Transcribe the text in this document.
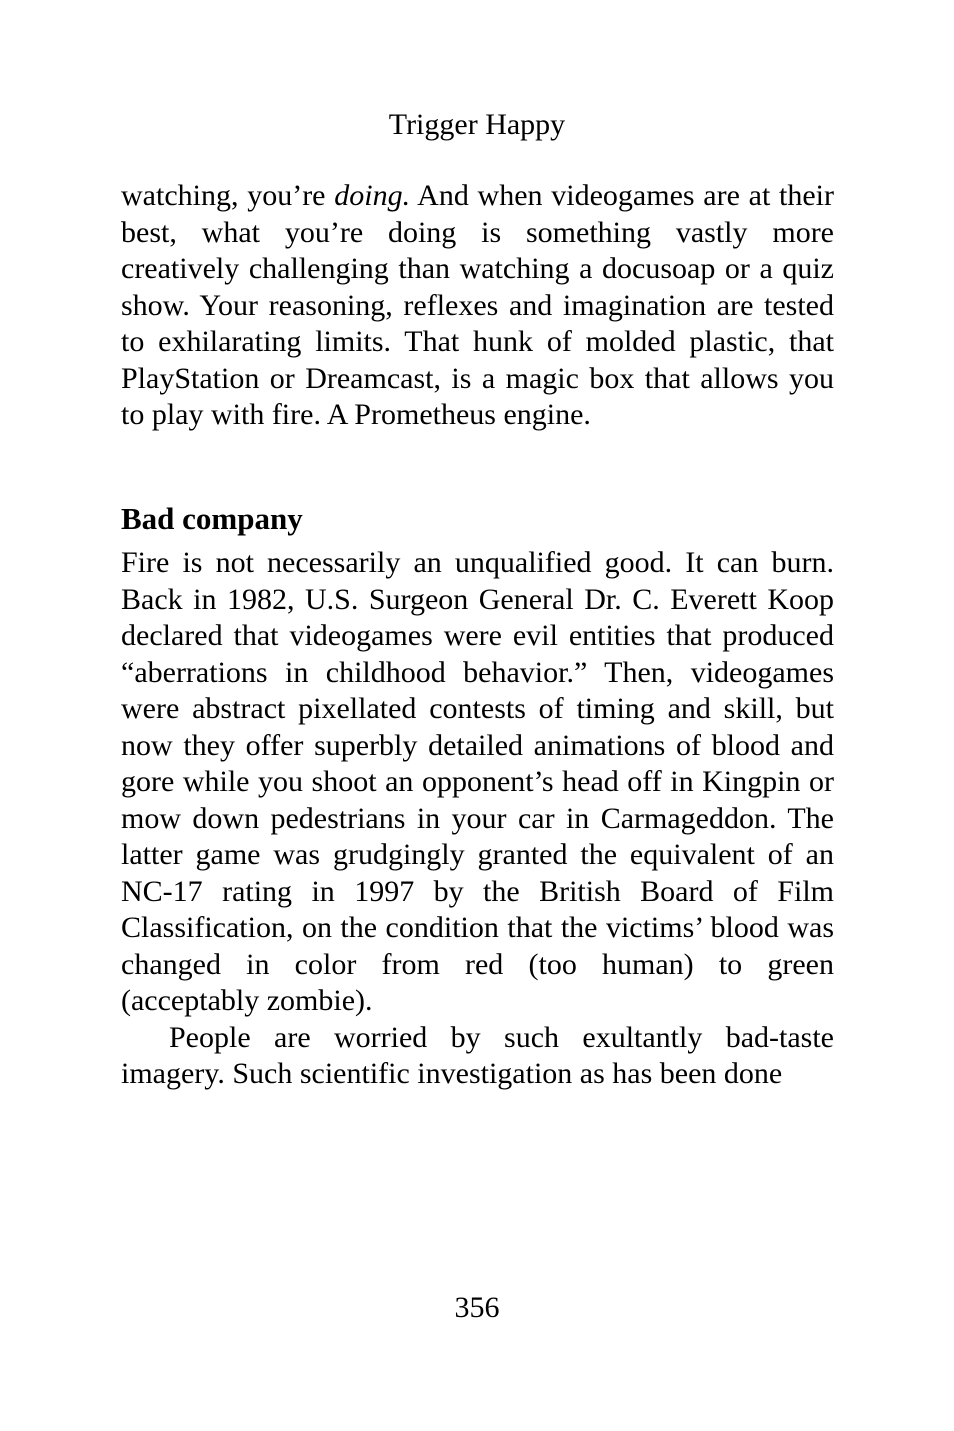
Trigger Happy

watching, you’re doing. And when videogames are at their best, what you’re doing is something vastly more creatively challenging than watching a docusoap or a quiz show. Your reasoning, reflexes and imagination are tested to exhilarating limits. That hunk of molded plastic, that PlayStation or Dreamcast, is a magic box that allows you to play with fire. A Prometheus engine.

Bad company

Fire is not necessarily an unqualified good. It can burn. Back in 1982, U.S. Surgeon General Dr. C. Everett Koop declared that videogames were evil entities that produced “aberrations in childhood behavior.” Then, videogames were abstract pixellated contests of timing and skill, but now they offer superbly detailed animations of blood and gore while you shoot an opponent’s head off in Kingpin or mow down pedestrians in your car in Carmageddon. The latter game was grudgingly granted the equivalent of an NC-17 rating in 1997 by the British Board of Film Classification, on the condition that the victims’ blood was changed in color from red (too human) to green (acceptably zombie).

People are worried by such exultantly bad-taste imagery. Such scientific investigation as has been done

356
